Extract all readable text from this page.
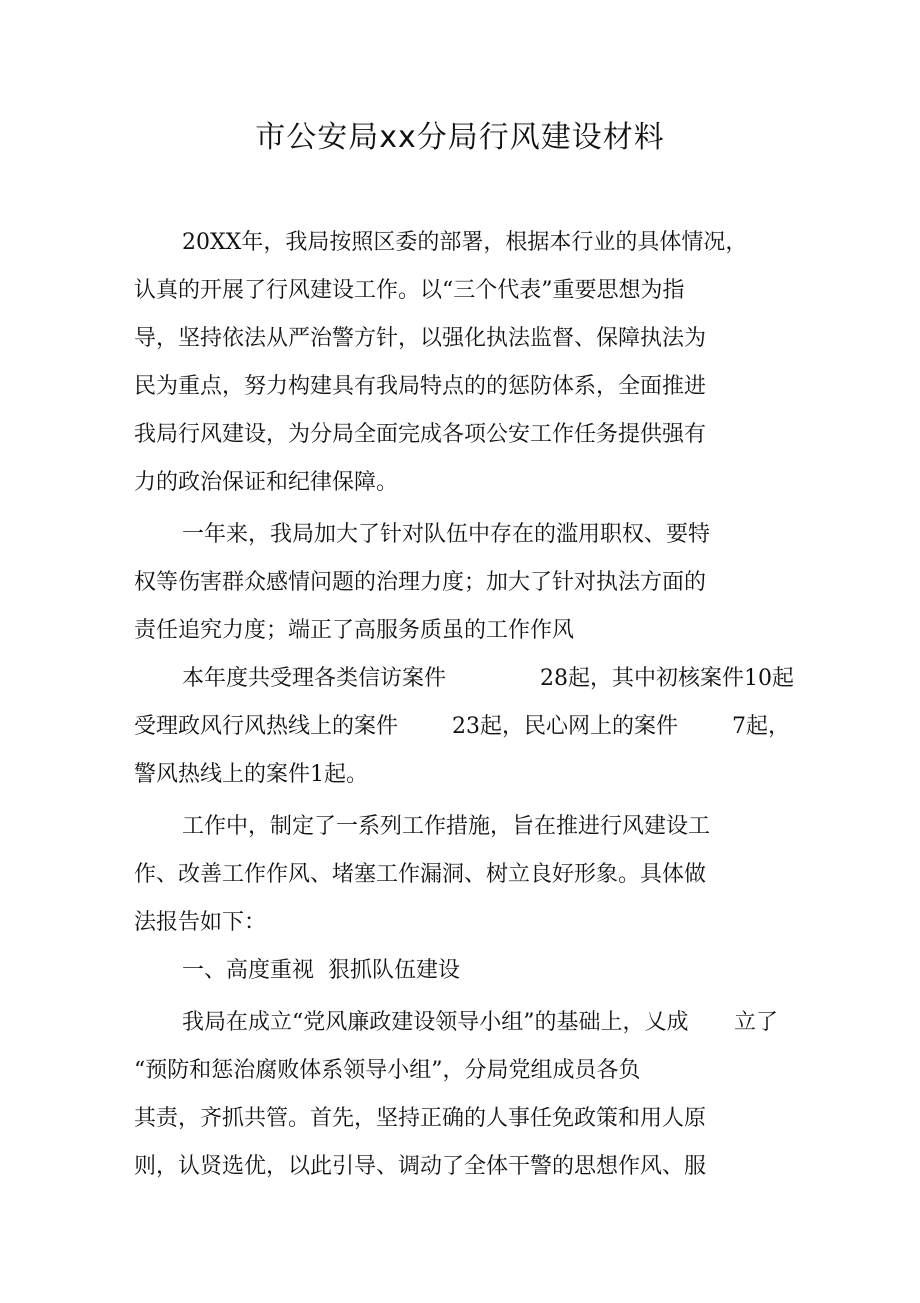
市公安局xx分局行风建设材料
20XX年，我局按照区委的部署，根据本行业的具体情况，
认真的开展了行风建设工作。以“三个代表”重要思想为指
导，坚持依法从严治警方针，以强化执法监督、保障执法为
民为重点，努力构建具有我局特点的的惩防体系，全面推进
我局行风建设，为分局全面完成各项公安工作任务提供强有
力的政治保证和纪律保障。
一年来，我局加大了针对队伍中存在的滥用职权、要特
权等伤害群众感情问题的治理力度；加大了针对执法方面的
责任追究力度；端正了高服务质虽的工作作风
本年度共受理各类信访案件	28起，其中初核案件10起
受理政风行风热线上的案件 23起，民心网上的案件 7起，
警风热线上的案件1起。
工作中，制定了一系列工作措施，旨在推进行风建设工
作、改善工作作风、堵塞工作漏洞、树立良好形象。具体做
法报告如下：
一、高度重视  狠抓队伍建设
我局在成立“党风廉政建设领导小组”的基础上，乂成 立了
“预防和惩治腐败体系领导小组”，分局党组成员各负
其责，齐抓共管。首先，坚持正确的人事任免政策和用人原
则，认贤选优，以此引导、调动了全体干警的思想作风、服
